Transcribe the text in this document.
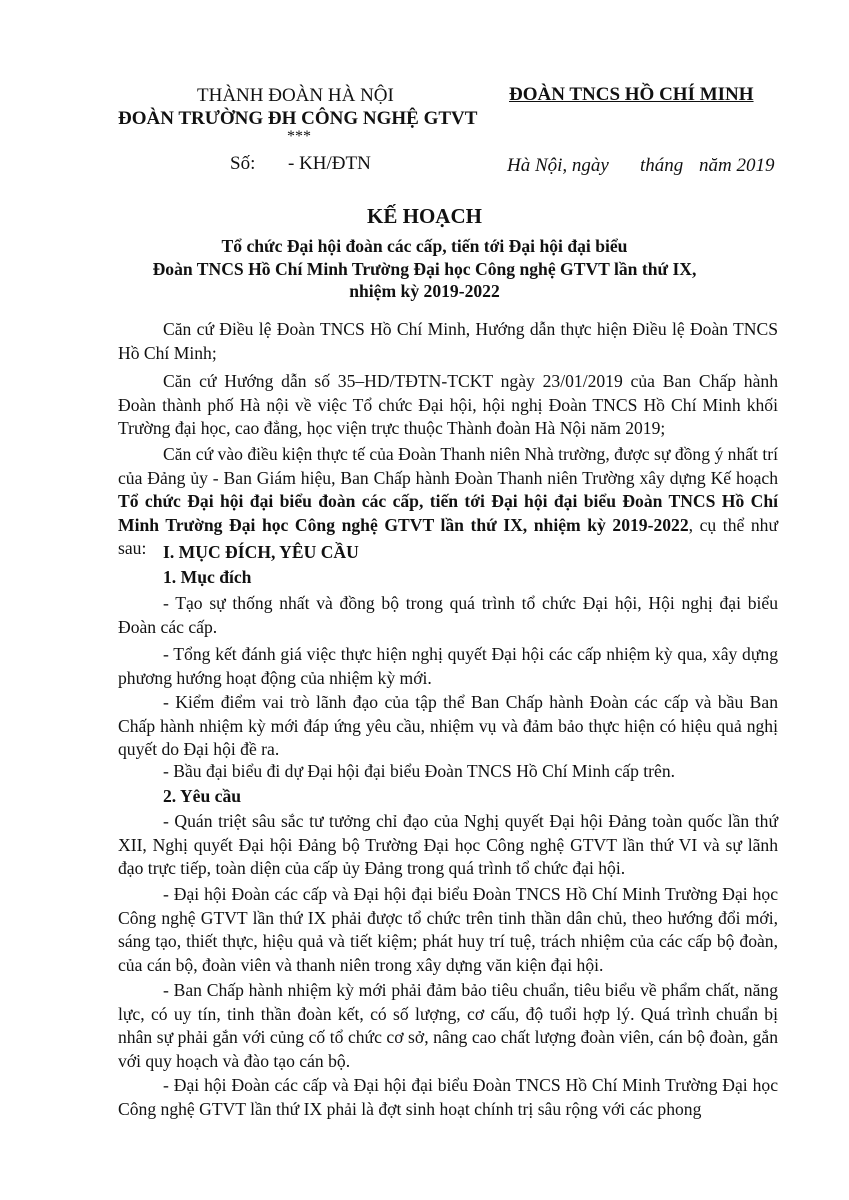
THÀNH ĐOÀN HÀ NỘI
ĐOÀN TRƯỜNG ĐH CÔNG NGHỆ GTVT
***
ĐOÀN TNCS HỒ CHÍ MINH
Số: - KH/ĐTN	Hà Nội, ngày tháng năm 2019
KẾ HOẠCH
Tổ chức Đại hội đoàn các cấp, tiến tới Đại hội đại biểu
Đoàn TNCS Hồ Chí Minh Trường Đại học Công nghệ GTVT lần thứ IX,
nhiệm kỳ 2019-2022
Căn cứ Điều lệ Đoàn TNCS Hồ Chí Minh, Hướng dẫn thực hiện Điều lệ Đoàn TNCS Hồ Chí Minh;
Căn cứ Hướng dẫn số 35–HD/TĐTN-TCKT ngày 23/01/2019 của Ban Chấp hành Đoàn thành phố Hà nội về việc Tổ chức Đại hội, hội nghị Đoàn TNCS Hồ Chí Minh khối Trường đại học, cao đẳng, học viện trực thuộc Thành đoàn Hà Nội năm 2019;
Căn cứ vào điều kiện thực tế của Đoàn Thanh niên Nhà trường, được sự đồng ý nhất trí của Đảng ủy - Ban Giám hiệu, Ban Chấp hành Đoàn Thanh niên Trường xây dựng Kế hoạch Tổ chức Đại hội đại biểu đoàn các cấp, tiến tới Đại hội đại biểu Đoàn TNCS Hồ Chí Minh Trường Đại học Công nghệ GTVT lần thứ IX, nhiệm kỳ 2019-2022, cụ thể như sau: I. MỤC ĐÍCH, YÊU CẦU
1. Mục đích
- Tạo sự thống nhất và đồng bộ trong quá trình tổ chức Đại hội, Hội nghị đại biểu Đoàn các cấp.
- Tổng kết đánh giá việc thực hiện nghị quyết Đại hội các cấp nhiệm kỳ qua, xây dựng phương hướng hoạt động của nhiệm kỳ mới.
- Kiểm điểm vai trò lãnh đạo của tập thể Ban Chấp hành Đoàn các cấp và bầu Ban Chấp hành nhiệm kỳ mới đáp ứng yêu cầu, nhiệm vụ và đảm bảo thực hiện có hiệu quả nghị quyết do Đại hội đề ra.
- Bầu đại biểu đi dự Đại hội đại biểu Đoàn TNCS Hồ Chí Minh cấp trên.
2. Yêu cầu
- Quán triệt sâu sắc tư tưởng chỉ đạo của Nghị quyết Đại hội Đảng toàn quốc lần thứ XII, Nghị quyết Đại hội Đảng bộ Trường Đại học Công nghệ GTVT lần thứ VI và sự lãnh đạo trực tiếp, toàn diện của cấp ủy Đảng trong quá trình tổ chức đại hội.
- Đại hội Đoàn các cấp và Đại hội đại biểu Đoàn TNCS Hồ Chí Minh Trường Đại học Công nghệ GTVT lần thứ IX phải được tổ chức trên tinh thần dân chủ, theo hướng đổi mới, sáng tạo, thiết thực, hiệu quả và tiết kiệm; phát huy trí tuệ, trách nhiệm của các cấp bộ đoàn, của cán bộ, đoàn viên và thanh niên trong xây dựng văn kiện đại hội.
- Ban Chấp hành nhiệm kỳ mới phải đảm bảo tiêu chuẩn, tiêu biểu về phẩm chất, năng lực, có uy tín, tinh thần đoàn kết, có số lượng, cơ cấu, độ tuổi hợp lý. Quá trình chuẩn bị nhân sự phải gắn với củng cố tổ chức cơ sở, nâng cao chất lượng đoàn viên, cán bộ đoàn, gắn với quy hoạch và đào tạo cán bộ.
- Đại hội Đoàn các cấp và Đại hội đại biểu Đoàn TNCS Hồ Chí Minh Trường Đại học Công nghệ GTVT lần thứ IX phải là đợt sinh hoạt chính trị sâu rộng với các phong
